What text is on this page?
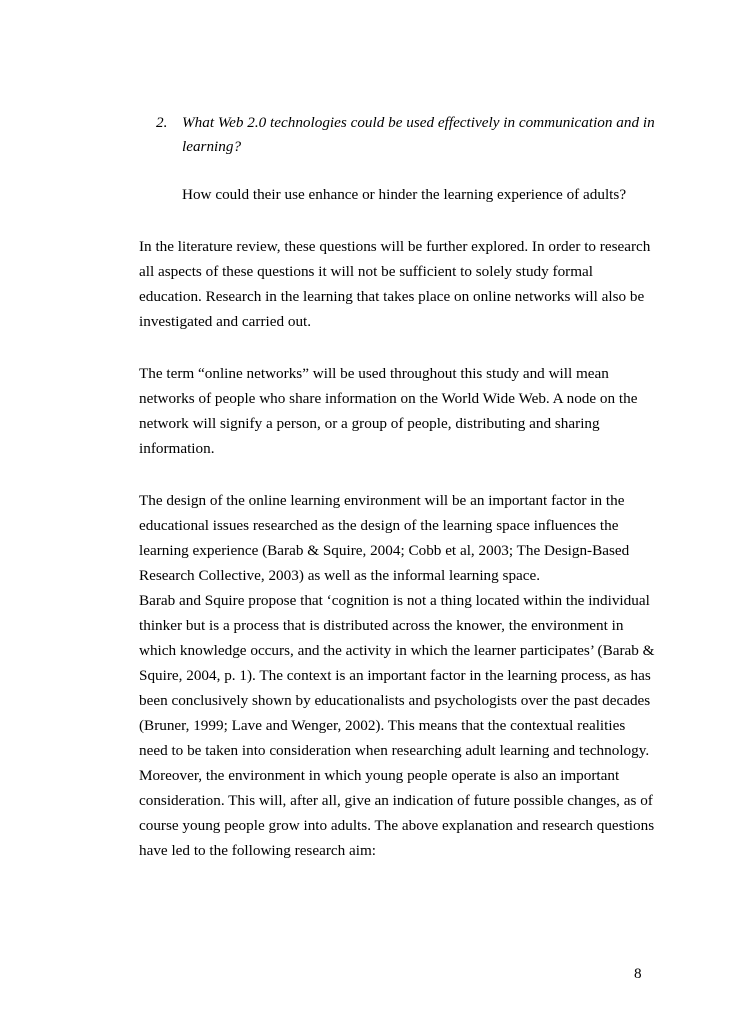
2. What Web 2.0 technologies could be used effectively in communication and in
learning?
How could their use enhance or hinder the learning experience of adults?
In the literature review, these questions will be further explored. In order to research
all aspects of these questions it will not be sufficient to solely study formal
education. Research in the learning that takes place on online networks will also be
investigated and carried out.
The term “online networks” will be used throughout this study and will mean
networks of people who share information on the World Wide Web. A node on the
network will signify a person, or a group of people, distributing and sharing
information.
The design of the online learning environment will be an important factor in the
educational issues researched as the design of the learning space influences the
learning experience (Barab & Squire, 2004; Cobb et al, 2003; The Design-Based
Research Collective, 2003) as well as the informal learning space.
Barab and Squire propose that ‘cognition is not a thing located within the individual
thinker but is a process that is distributed across the knower, the environment in
which knowledge occurs, and the activity in which the learner participates’ (Barab &
Squire, 2004, p. 1). The context is an important factor in the learning process, as has
been conclusively shown by educationalists and psychologists over the past decades
(Bruner, 1999; Lave and Wenger, 2002). This means that the contextual realities
need to be taken into consideration when researching adult learning and technology.
Moreover, the environment in which young people operate is also an important
consideration. This will, after all, give an indication of future possible changes, as of
course young people grow into adults. The above explanation and research questions
have led to the following research aim:
8
